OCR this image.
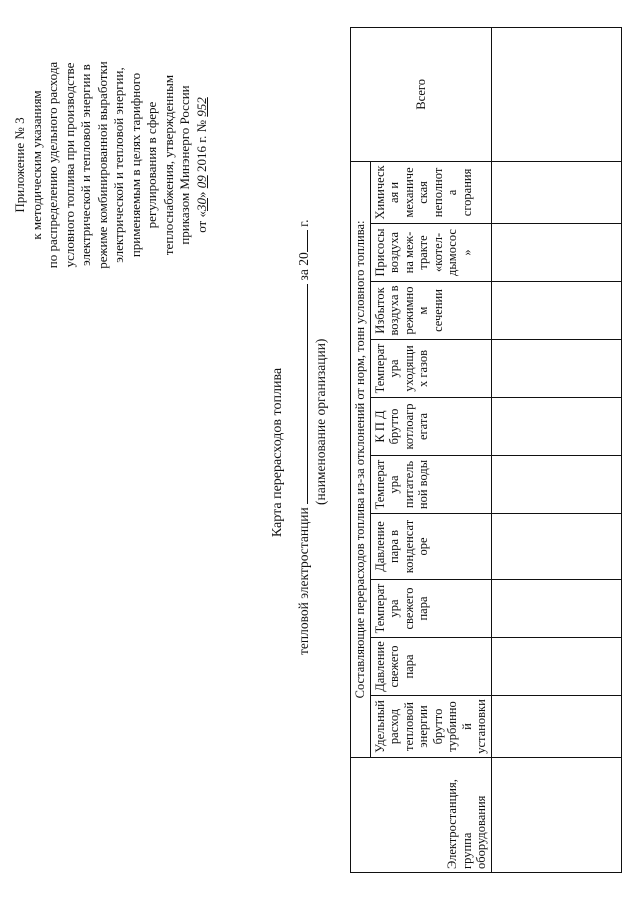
Приложение № 3 к методическим указаниям по распределению удельного расхода условного топлива при производстве электрической и тепловой энергии в режиме комбинированной выработки электрической и тепловой энергии, применяемым в целях тарифного регулирования в сфере теплоснабжения, утвержденным приказом Минэнерго России от «30» 09 2016 г. № 952
Карта перерасходов топлива
тепловой электростанции  за 20 г.
(наименование организации)
Электростанция, группа оборудования	Составляющие перерасходов топлива из-за отклонений от норм, тонн условного топлива:										Всего
	Удельный расход тепловой энергии брутто турбинной установки	Давление свежего пара	Температура свежего пара	Давление пара в конденсаторе	Температура питательной воды	К П Д брутто котлоагрегата	Температура уходящих газов	Избыток воздуха в режимном сечении	Присосы воздуха на межтракте «котел-дымосос»	Химическая и механическая неполнота сгорания	
